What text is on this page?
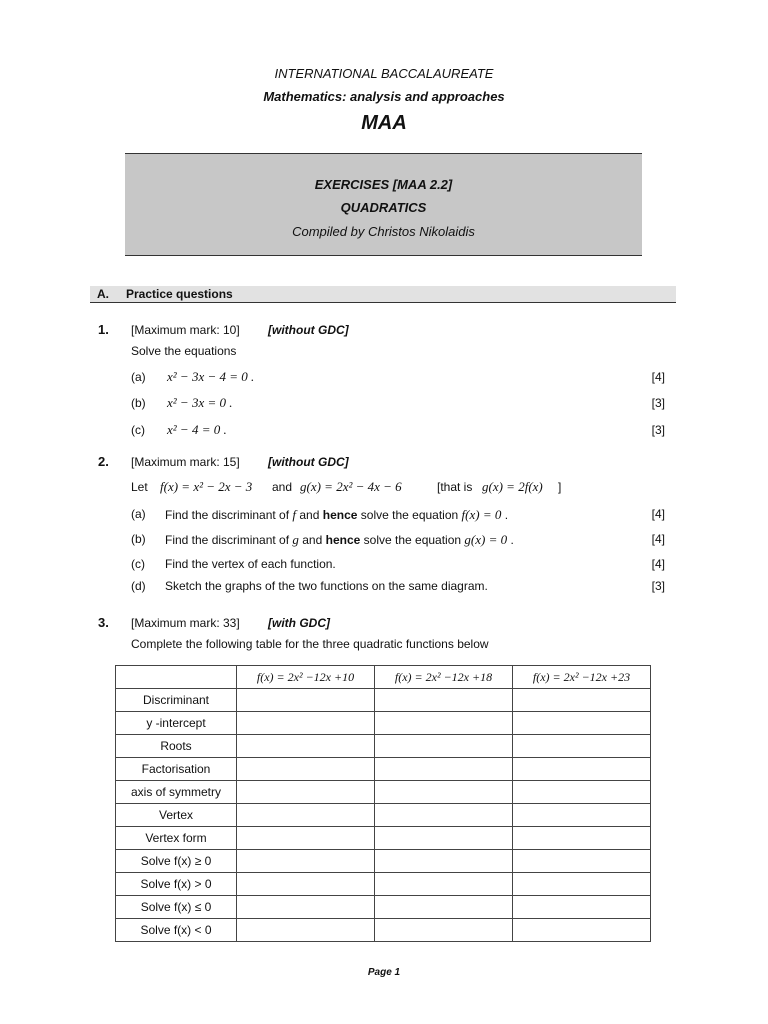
INTERNATIONAL BACCALAUREATE
Mathematics: analysis and approaches
MAA
EXERCISES [MAA 2.2]
QUADRATICS
Compiled by Christos Nikolaidis
A. Practice questions
1. [Maximum mark: 10] [without GDC]
Solve the equations
(a) x² − 3x − 4 = 0 .	[4]
(b) x² − 3x = 0 .	[3]
(c) x² − 4 = 0 .	[3]
2. [Maximum mark: 15] [without GDC]
Let f(x) = x² − 2x − 3 and g(x) = 2x² − 4x − 6	[that is g(x) = 2f(x) ]
(a) Find the discriminant of f and hence solve the equation f(x) = 0 .	[4]
(b) Find the discriminant of g and hence solve the equation g(x) = 0 .	[4]
(c) Find the vertex of each function.	[4]
(d) Sketch the graphs of the two functions on the same diagram.	[3]
3. [Maximum mark: 33] [with GDC]
Complete the following table for the three quadratic functions below
	f(x) = 2x² −12x +10	f(x) = 2x² −12x +18	f(x) = 2x² −12x +23
Discriminant			
y -intercept			
Roots			
Factorisation			
axis of symmetry			
Vertex			
Vertex form			
Solve f(x) ≥ 0			
Solve f(x) > 0			
Solve f(x) ≤ 0			
Solve f(x) < 0			
Page 1
